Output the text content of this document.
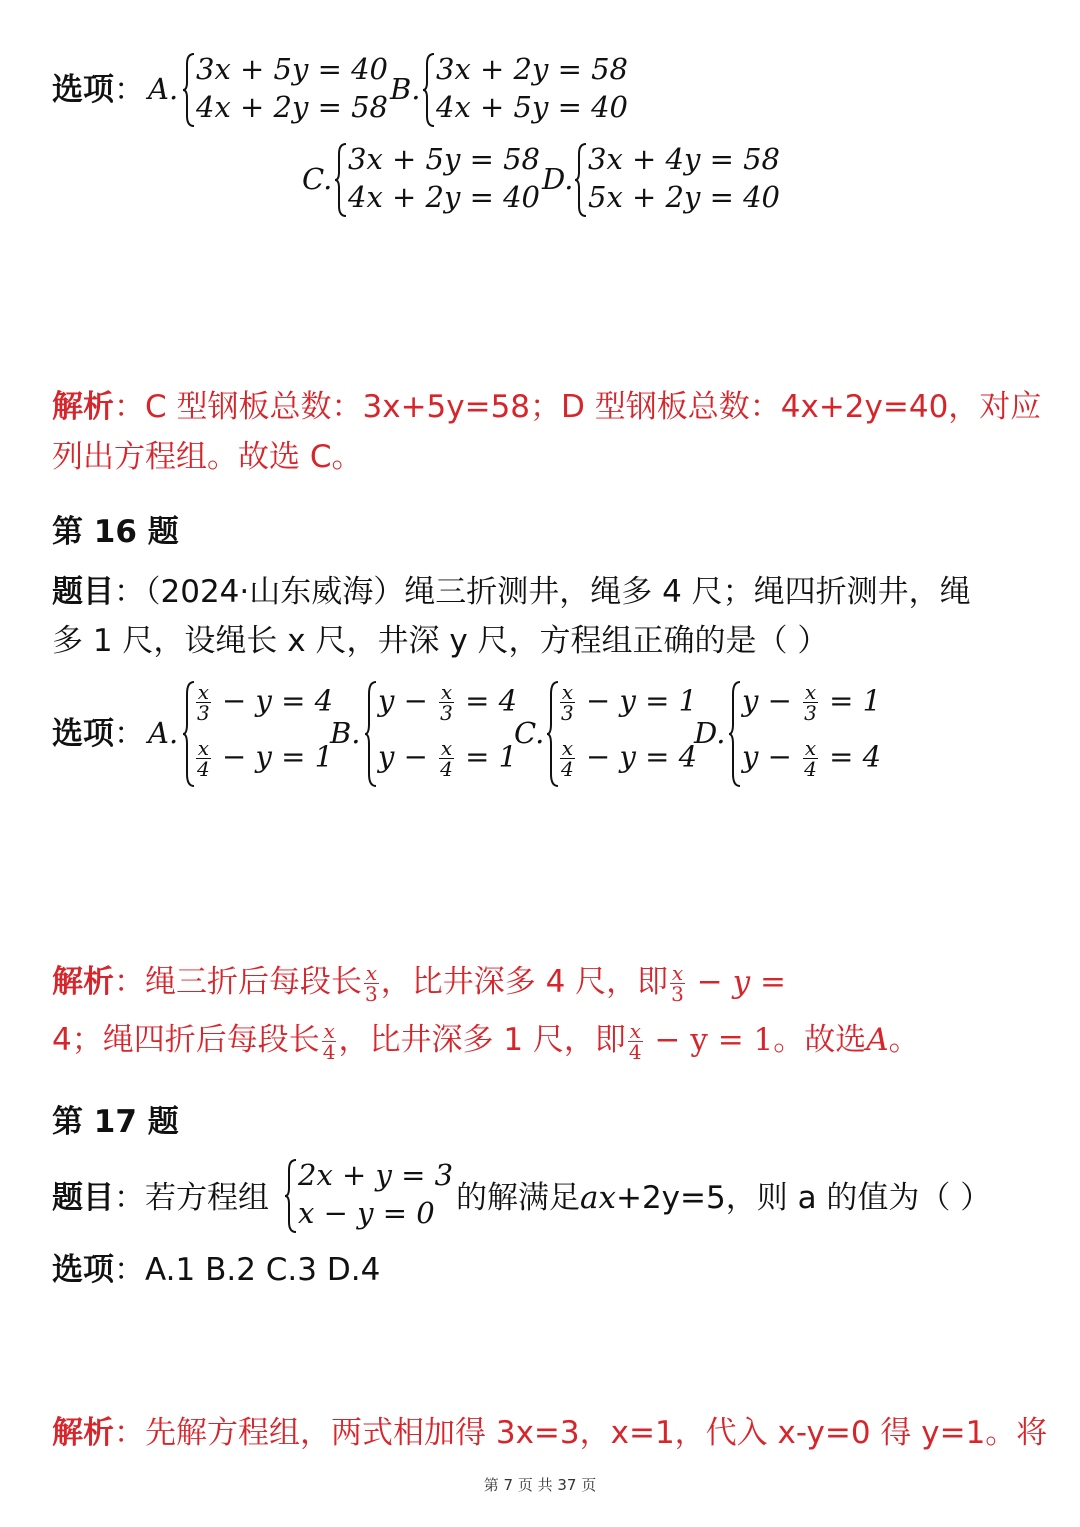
选项： A.
3x + 5y = 40
4x + 2y = 58
B.
3x + 2y = 58
4x + 5y = 40
C.
3x + 5y = 58
4x + 2y = 40
D.
3x + 4y = 58
5x + 2y = 40
解析：C 型钢板总数：3x+5y=58；D 型钢板总数：4x+2y=40，对应
列出方程组。故选 C。
第 16 题
题目：（2024·山东威海）绳三折测井，绳多 4 尺；绳四折测井，绳
多 1 尺，设绳长 x 尺，井深 y 尺，方程组正确的是（ ）
选项： A.
$\frac{x}{3} - y = 4$
$\frac{x}{4} - y = 1$
B.
$y - \frac{x}{3} = 4$
$y - \frac{x}{4} = 1$
C.
$\frac{x}{3} - y = 1$
$\frac{x}{4} - y = 4$
D.
$y - \frac{x}{3} = 1$
$y - \frac{x}{4} = 4$
解析：绳三折后每段长 $\frac{x}{3}$ ，比井深多 4 尺，即 $\frac{x}{3} - y$ =
4；绳四折后每段长 $\frac{x}{4}$ ，比井深多 1 尺，即 $\frac{x}{4} - y = 1$。故选A。
第 17 题
题目：若方程组
2x + y = 3
x − y = 0 的解满足ax+2y=5，则 a 的值为（ ）
选项：A.1 B.2 C.3 D.4
解析：先解方程组，两式相加得 3x=3，x=1，代入 x-y=0 得 y=1。将
第 7 页 共 37 页
